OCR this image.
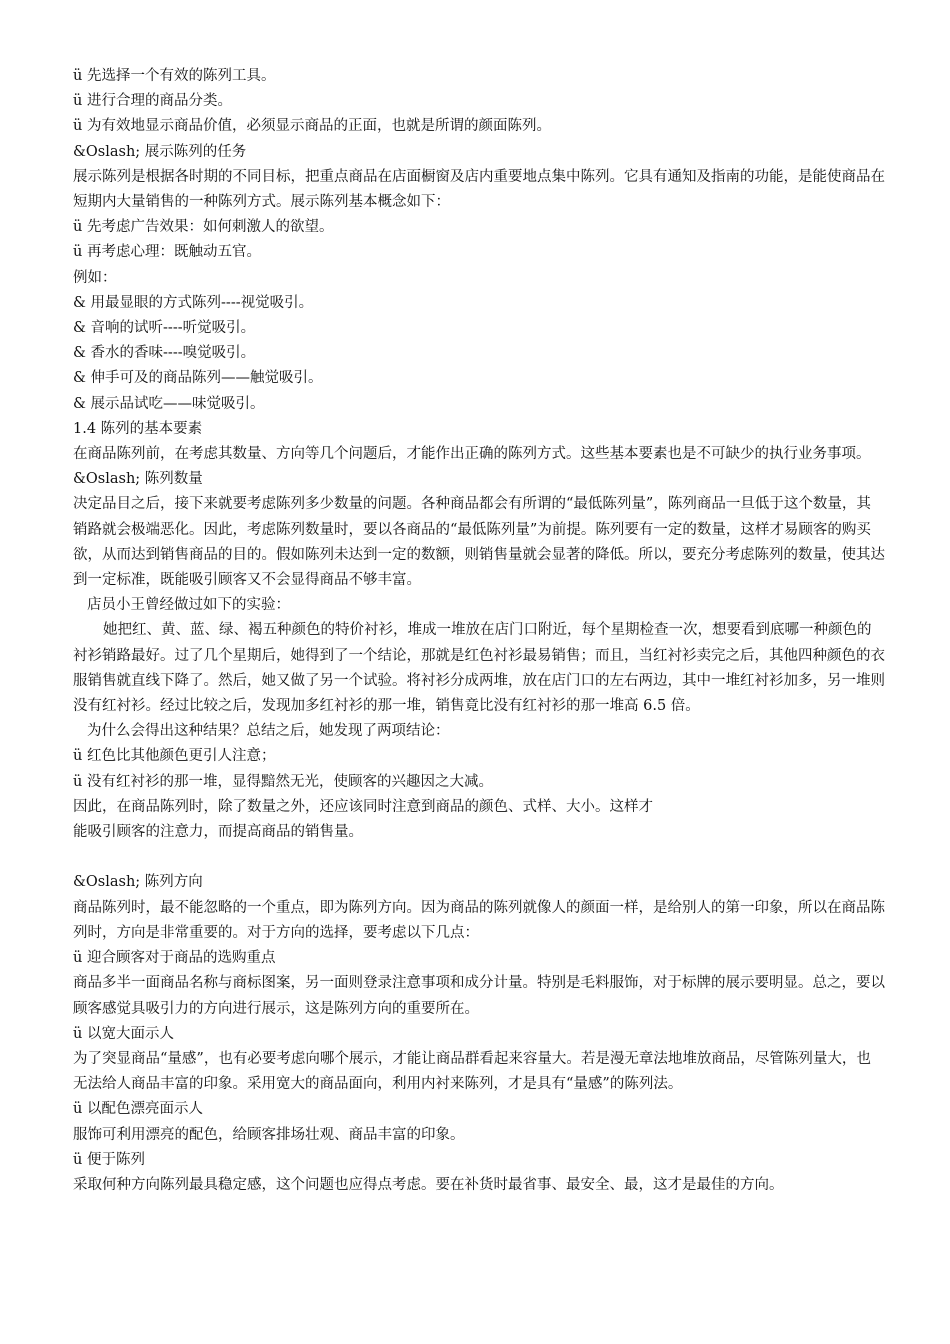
ü 先选择一个有效的陈列工具。

ü 进行合理的商品分类。

ü 为有效地显示商品价值，必须显示商品的正面，也就是所谓的颜面陈列。

&Oslash; 展示陈列的任务

展示陈列是根据各时期的不同目标，把重点商品在店面橱窗及店内重要地点集中陈列。它具有通知及指南的功能，是能使商品在短期内大量销售的一种陈列方式。展示陈列基本概念如下：

ü 先考虑广告效果：如何刺激人的欲望。

ü 再考虑心理：既触动五官。

例如：

& 用最显眼的方式陈列----视觉吸引。

& 音响的试听----听觉吸引。

& 香水的香味----嗅觉吸引。

& 伸手可及的商品陈列——触觉吸引。

& 展示品试吃——味觉吸引。

1.4 陈列的基本要素

在商品陈列前，在考虑其数量、方向等几个问题后，才能作出正确的陈列方式。这些基本要素也是不可缺少的执行业务事项。

&Oslash; 陈列数量

决定品目之后，接下来就要考虑陈列多少数量的问题。各种商品都会有所谓的“最低陈列量”，陈列商品一旦低于这个数量，其销路就会极端恶化。因此，考虑陈列数量时，要以各商品的“最低陈列量”为前提。陈列要有一定的数量，这样才易顾客的购买欲，从而达到销售商品的目的。假如陈列未达到一定的数额，则销售量就会显著的降低。所以，要充分考虑陈列的数量，使其达到一定标准，既能吸引顾客又不会显得商品不够丰富。

店员小王曾经做过如下的实验：

她把红、黄、蓝、绿、褐五种颜色的特价衬衫，堆成一堆放在店门口附近，每个星期检查一次，想要看到底哪一种颜色的衬衫销路最好。过了几个星期后，她得到了一个结论，那就是红色衬衫最易销售；而且，当红衬衫卖完之后，其他四种颜色的衣服销售就直线下降了。然后，她又做了另一个试验。将衬衫分成两堆，放在店门口的左右两边，其中一堆红衬衫加多，另一堆则没有红衬衫。经过比较之后，发现加多红衬衫的那一堆，销售竟比没有红衬衫的那一堆高 6.5 倍。

为什么会得出这种结果？总结之后，她发现了两项结论：

ü 红色比其他颜色更引人注意；

ü 没有红衬衫的那一堆，显得黯然无光，使顾客的兴趣因之大减。

因此，在商品陈列时，除了数量之外，还应该同时注意到商品的颜色、式样、大小。这样才

能吸引顾客的注意力，而提高商品的销售量。

&Oslash; 陈列方向

商品陈列时，最不能忽略的一个重点，即为陈列方向。因为商品的陈列就像人的颜面一样，是给别人的第一印象，所以在商品陈列时，方向是非常重要的。对于方向的选择，要考虑以下几点：

ü 迎合顾客对于商品的选购重点

商品多半一面商品名称与商标图案，另一面则登录注意事项和成分计量。特别是毛料服饰，对于标牌的展示要明显。总之，要以顾客感觉具吸引力的方向进行展示，这是陈列方向的重要所在。

ü 以宽大面示人

为了突显商品“量感”，也有必要考虑向哪个展示，才能让商品群看起来容量大。若是漫无章法地堆放商品，尽管陈列量大，也无法给人商品丰富的印象。采用宽大的商品面向，利用内衬来陈列，才是具有“量感”的陈列法。

ü 以配色漂亮面示人

服饰可利用漂亮的配色，给顾客排场壮观、商品丰富的印象。

ü 便于陈列

采取何种方向陈列最具稳定感，这个问题也应得点考虑。要在补货时最省事、最安全、最，这才是最佳的方向。
